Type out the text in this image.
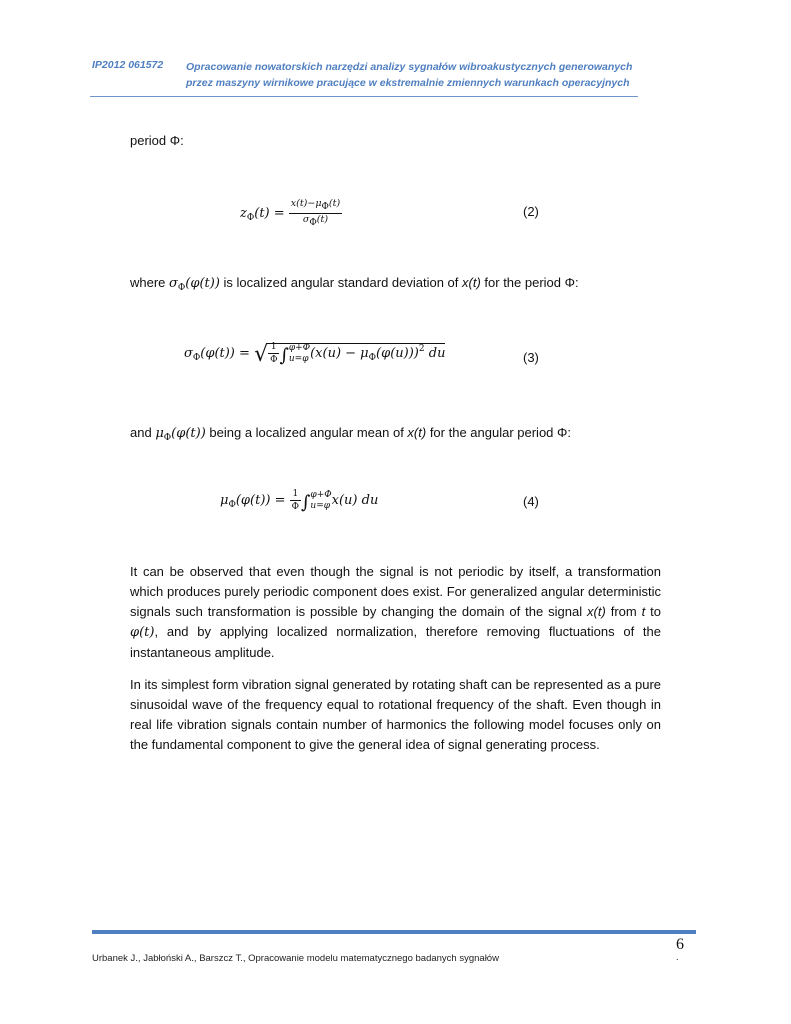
IP2012 061572 Opracowanie nowatorskich narzędzi analizy sygnałów wibroakustycznych generowanych
przez maszyny wirnikowe pracujące w ekstremalnie zmiennych warunkach operacyjnych
period Φ:
$z_\Phi(t) = \frac{x(t)-\mu\Phi(t)}{\sigma\Phi(t)}$	(2)
where $\sigma_\Phi(\varphi(t))$ is localized angular standard deviation of x(t) for the period Φ:
$\sigma_\Phi(\varphi(t))$ = √ $\frac{1}{\Phi}$ ∫ φ+Φ
u=φ $(x(u) - \mu_\Phi(\varphi(u)))^2$ du	(3)
and $\mu_\Phi(\varphi(t))$ being a localized angular mean of x(t) for the angular period Φ:
$\mu_\Phi(\varphi(t)) = \frac{1}{\Phi}$ ∫ φ+Φ
u=φ x(u) du	(4)
It can be observed that even though the signal is not periodic by itself, a transformation which produces purely periodic component does exist. For generalized angular deterministic signals such transformation is possible by changing the domain of the signal x(t) from t to φ(t), and by applying localized normalization, therefore removing fluctuations of the instantaneous amplitude.
In its simplest form vibration signal generated by rotating shaft can be represented as a pure sinusoidal wave of the frequency equal to rotational frequency of the shaft. Even though in real life vibration signals contain number of harmonics the following model focuses only on the fundamental component to give the general idea of signal generating process.
6
Urbanek J., Jabłoński A., Barszcz T., Opracowanie modelu matematycznego badanych sygnałów	.
